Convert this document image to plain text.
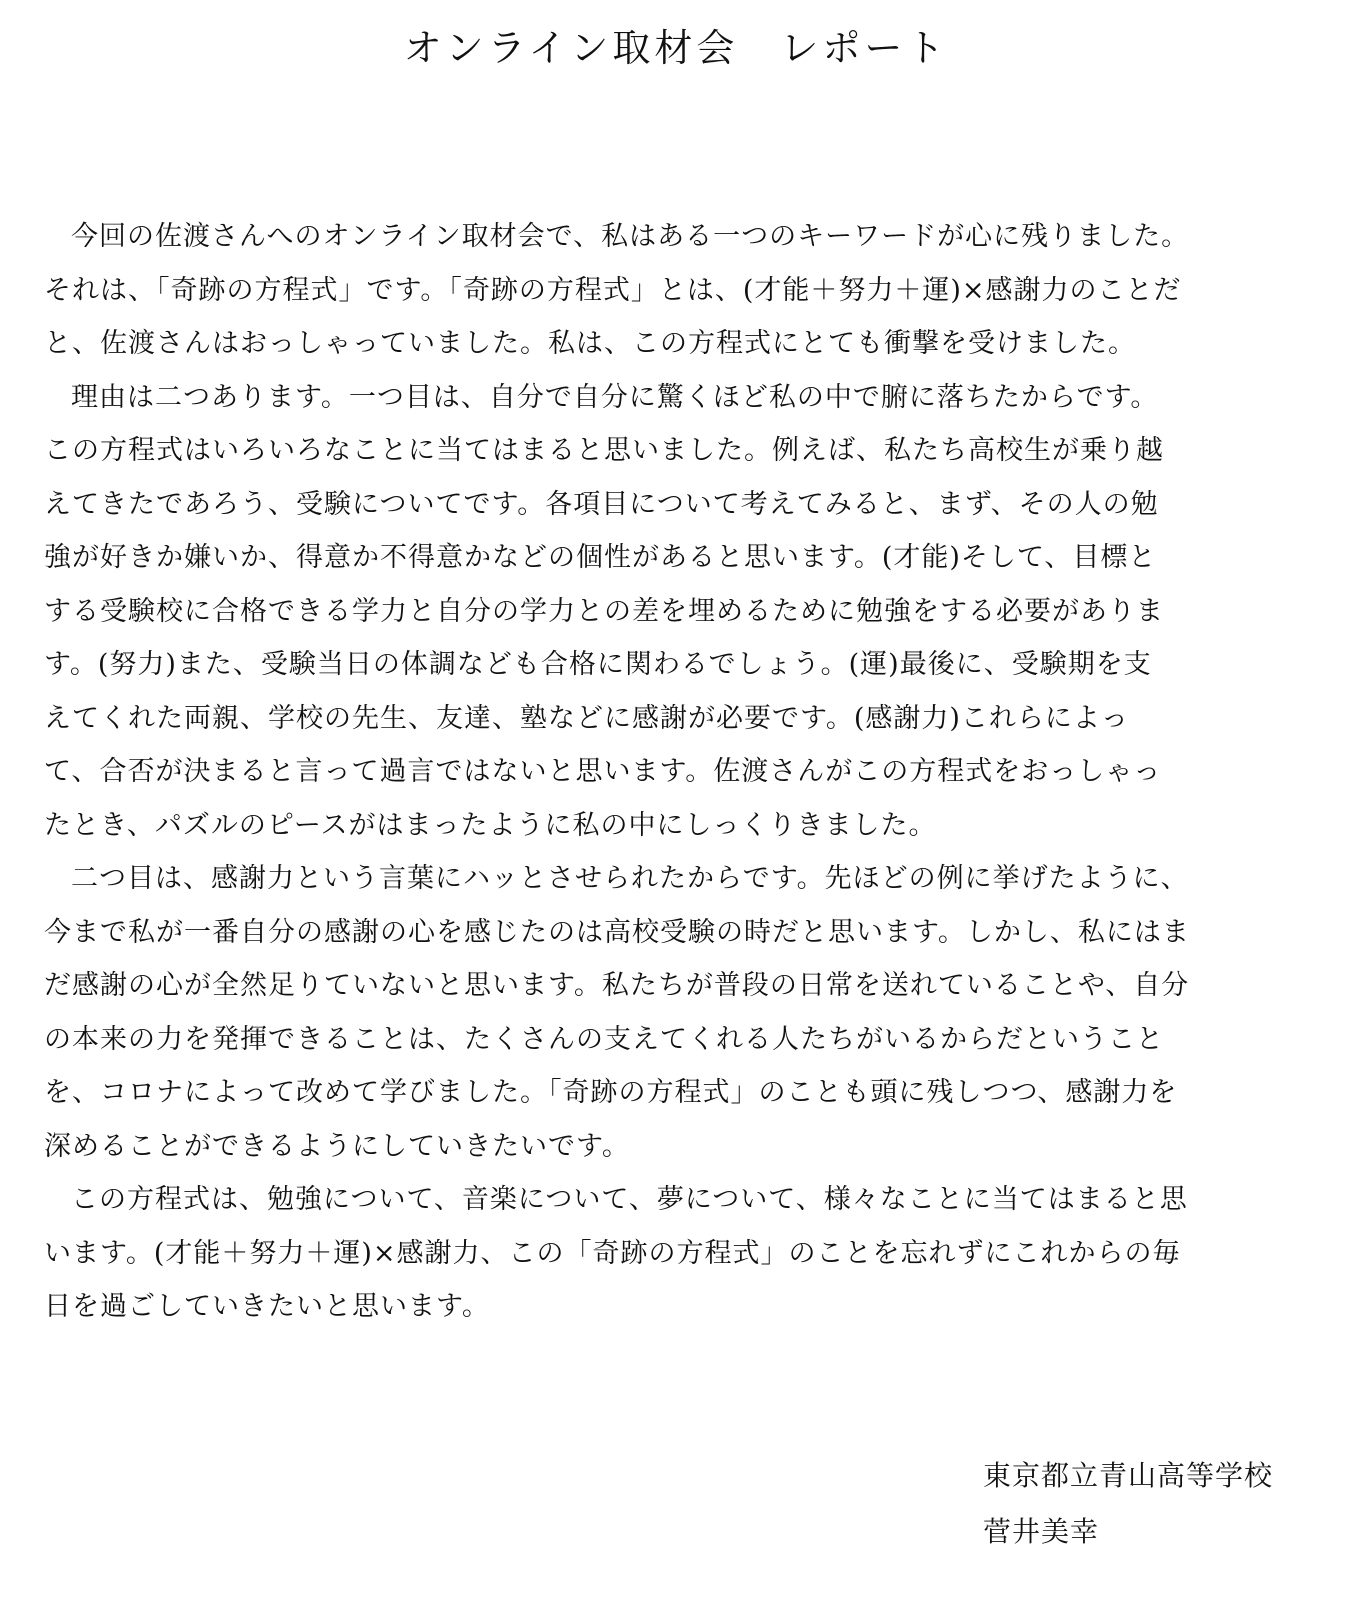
オンライン取材会　レポート

今回の佐渡さんへのオンライン取材会で、私はある一つのキーワードが心に残りました。
それは、「奇跡の方程式」です。「奇跡の方程式」とは、(才能＋努力＋運)×感謝力のことだ
と、佐渡さんはおっしゃっていました。私は、この方程式にとても衝撃を受けました。

理由は二つあります。一つ目は、自分で自分に驚くほど私の中で腑に落ちたからです。
この方程式はいろいろなことに当てはまると思いました。例えば、私たち高校生が乗り越
えてきたであろう、受験についてです。各項目について考えてみると、まず、その人の勉
強が好きか嫌いか、得意か不得意かなどの個性があると思います。(才能)そして、目標と
する受験校に合格できる学力と自分の学力との差を埋めるために勉強をする必要がありま
す。(努力)また、受験当日の体調なども合格に関わるでしょう。(運)最後に、受験期を支
えてくれた両親、学校の先生、友達、塾などに感謝が必要です。(感謝力)これらによっ
て、合否が決まると言って過言ではないと思います。佐渡さんがこの方程式をおっしゃっ
たとき、パズルのピースがはまったように私の中にしっくりきました。

二つ目は、感謝力という言葉にハッとさせられたからです。先ほどの例に挙げたように、
今まで私が一番自分の感謝の心を感じたのは高校受験の時だと思います。しかし、私にはま
だ感謝の心が全然足りていないと思います。私たちが普段の日常を送れていることや、自分
の本来の力を発揮できることは、たくさんの支えてくれる人たちがいるからだということ
を、コロナによって改めて学びました。「奇跡の方程式」のことも頭に残しつつ、感謝力を
深めることができるようにしていきたいです。

この方程式は、勉強について、音楽について、夢について、様々なことに当てはまると思
います。(才能＋努力＋運)×感謝力、この「奇跡の方程式」のことを忘れずにこれからの毎
日を過ごしていきたいと思います。

東京都立青山高等学校
菅井美幸
